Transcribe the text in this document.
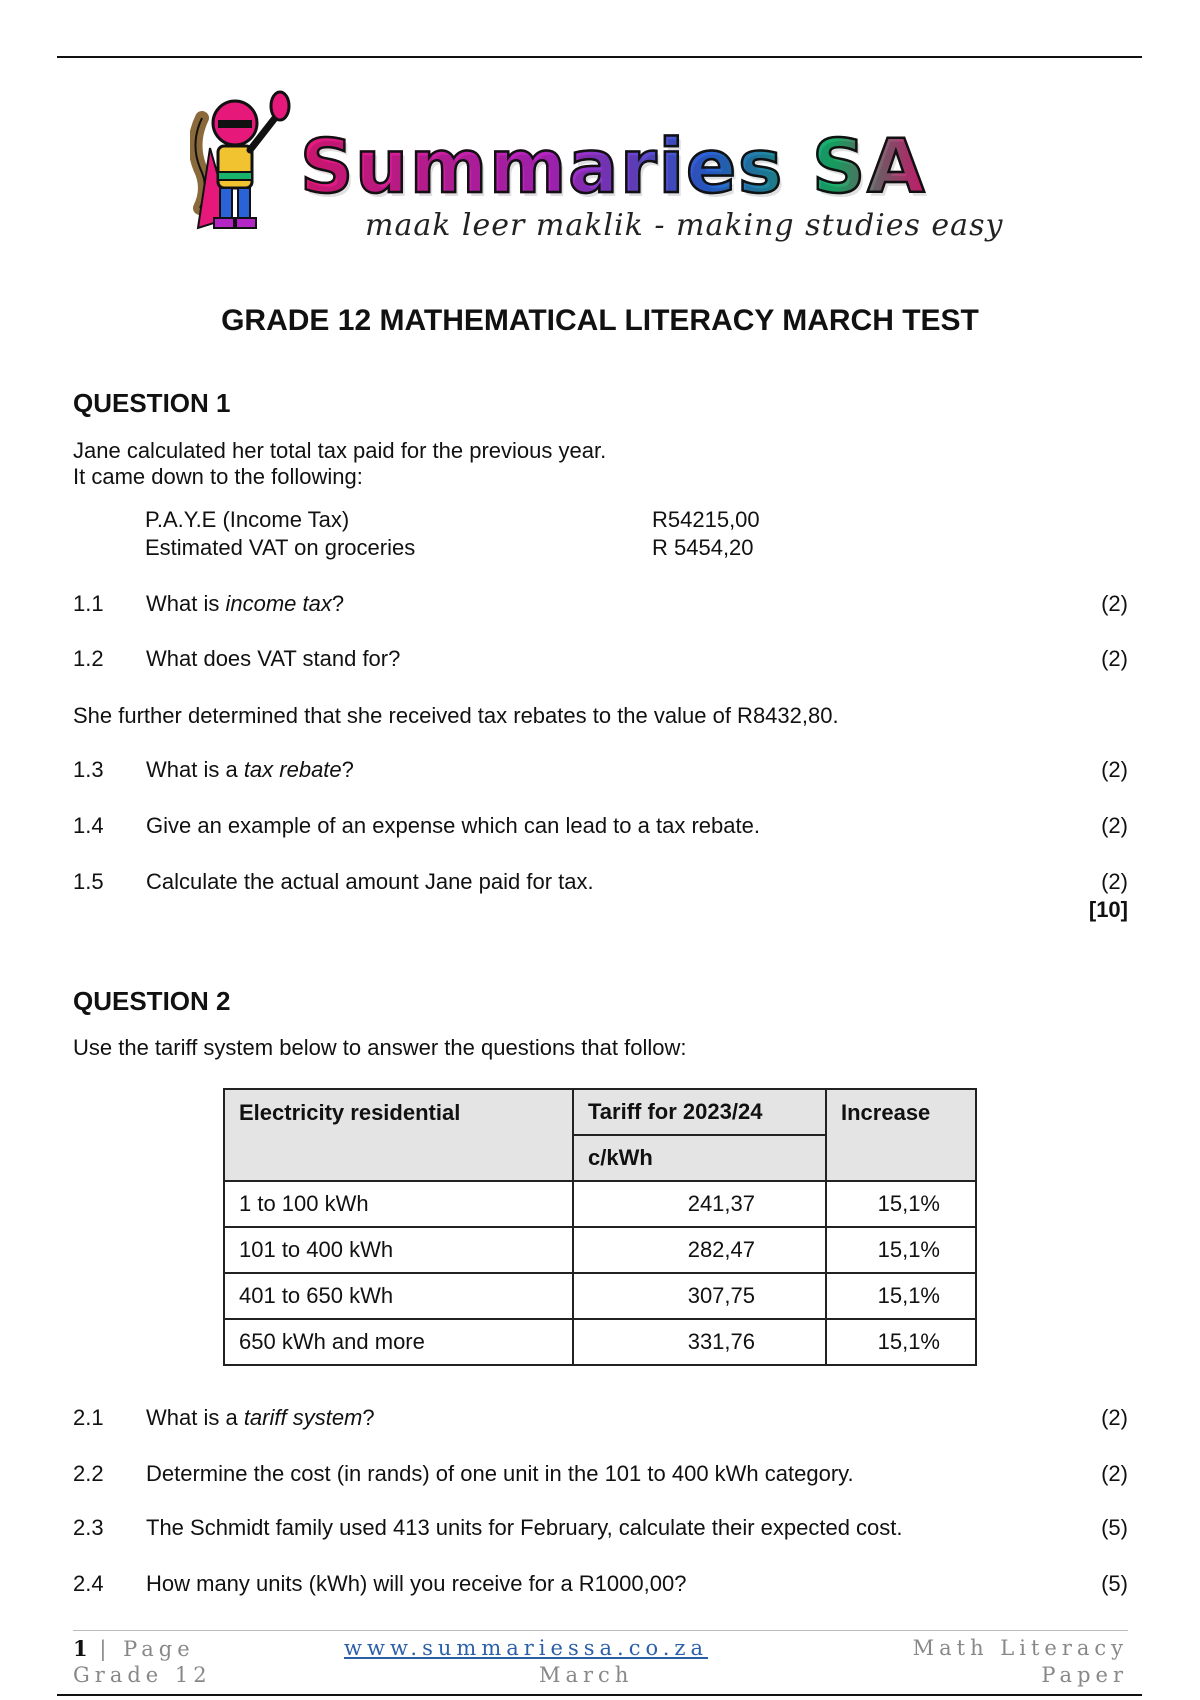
Summaries SA
maak leer maklik - making studies easy
GRADE 12 MATHEMATICAL LITERACY MARCH TEST
QUESTION 1
Jane calculated her total tax paid for the previous year.
It came down to the following:
P.A.Y.E (Income Tax)	R54215,00
Estimated VAT on groceries	R 5454,20
1.1 What is income tax?	(2)
1.2 What does VAT stand for?	(2)
She further determined that she received tax rebates to the value of R8432,80.
1.3 What is a tax rebate?	(2)
1.4 Give an example of an expense which can lead to a tax rebate.	(2)
1.5 Calculate the actual amount Jane paid for tax.	(2)
[10]
QUESTION 2
Use the tariff system below to answer the questions that follow:
Electricity residential	Tariff for 2023/24	Increase
	c/kWh	
1 to 100 kWh	241,37	15,1%
101 to 400 kWh	282,47	15,1%
401 to 650 kWh	307,75	15,1%
650 kWh and more	331,76	15,1%
2.1 What is a tariff system?	(2)
2.2 Determine the cost (in rands) of one unit in the 101 to 400 kWh category.	(2)
2.3 The Schmidt family used 413 units for February, calculate their expected cost.	(5)
2.4 How many units (kWh) will you receive for a R1000,00?	(5)
1 | Page
Grade 12
www.summariessa.co.za
March
Math Literacy
Paper
